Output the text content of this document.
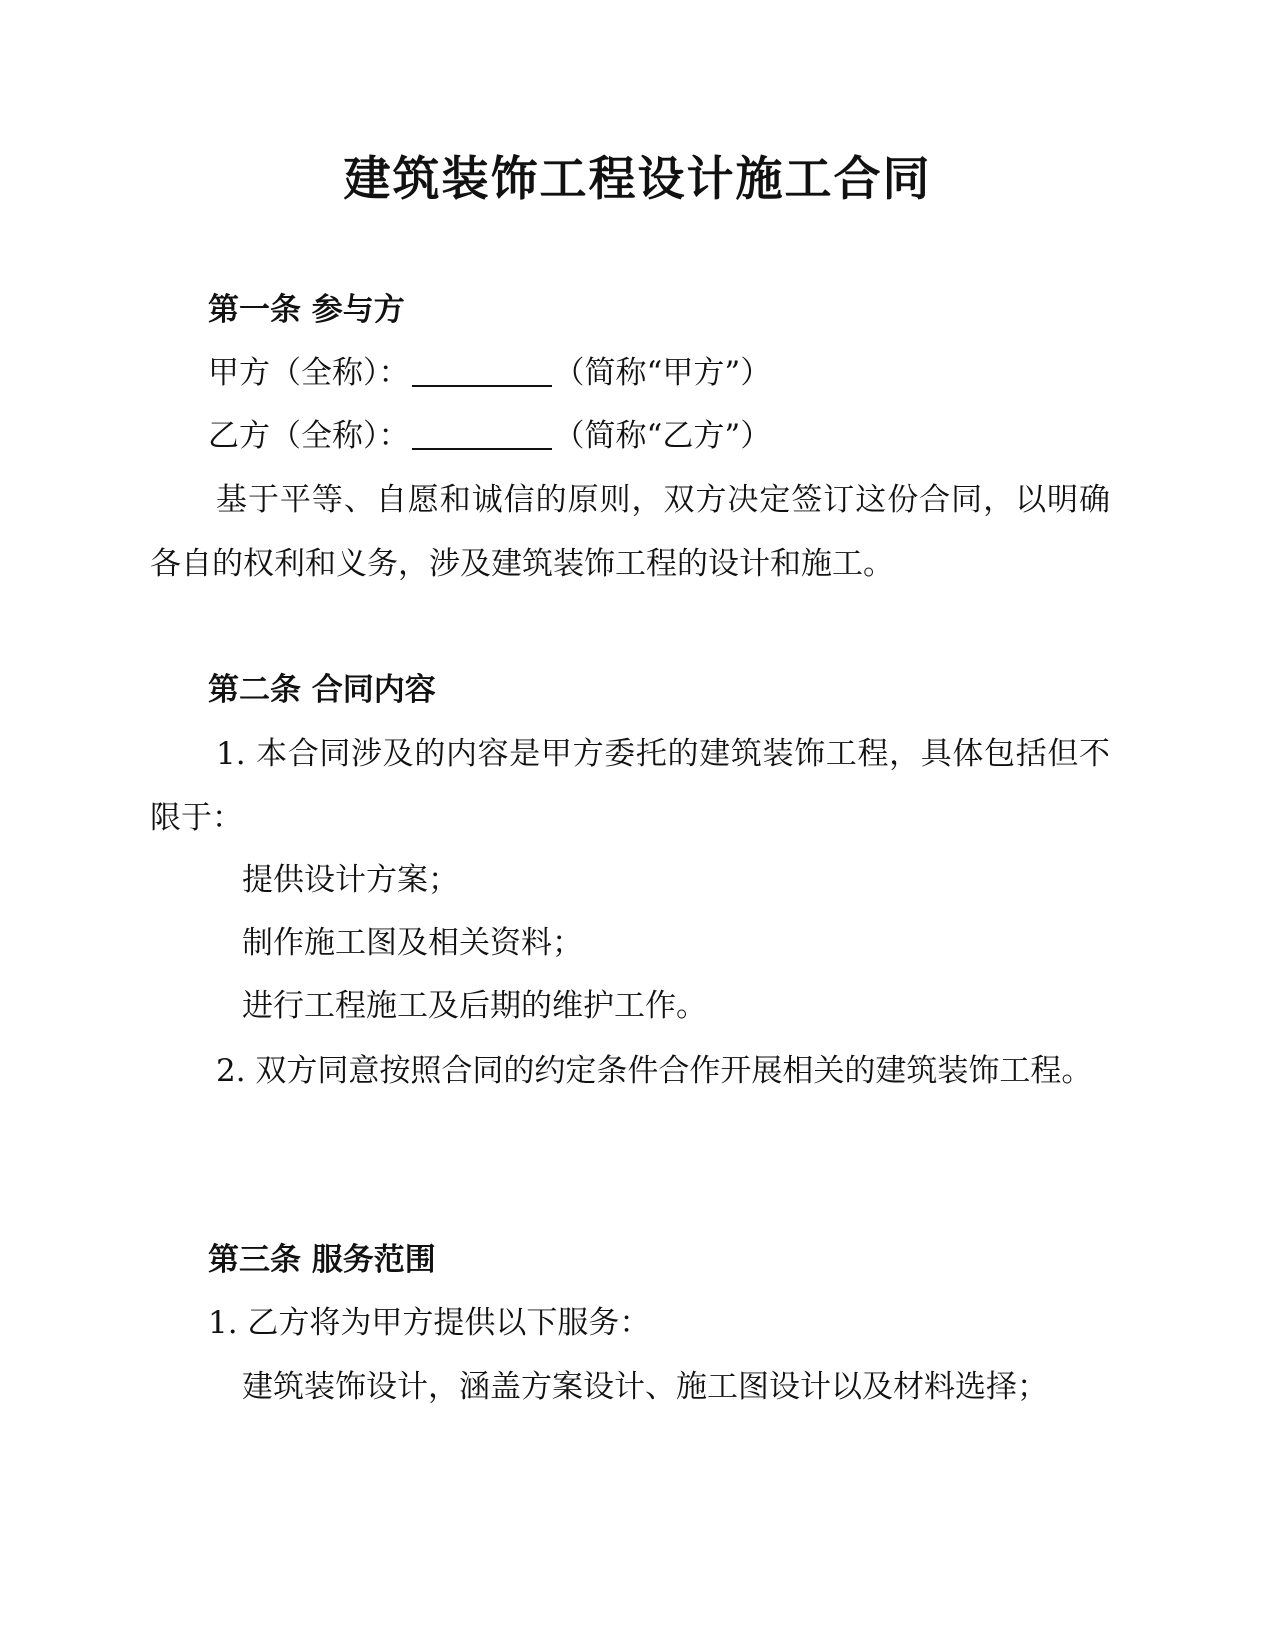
建筑装饰工程设计施工合同
第一条 参与方
甲方（全称）：	（简称“甲方”）
乙方（全称）：	（简称“乙方”）
基于平等、自愿和诚信的原则，双方决定签订这份合同，以明确各自的权利和义务，涉及建筑装饰工程的设计和施工。
第二条 合同内容
1. 本合同涉及的内容是甲方委托的建筑装饰工程，具体包括但不限于：
提供设计方案；
制作施工图及相关资料；
进行工程施工及后期的维护工作。
2. 双方同意按照合同的约定条件合作开展相关的建筑装饰工程。
第三条 服务范围
1. 乙方将为甲方提供以下服务：
建筑装饰设计，涵盖方案设计、施工图设计以及材料选择；
